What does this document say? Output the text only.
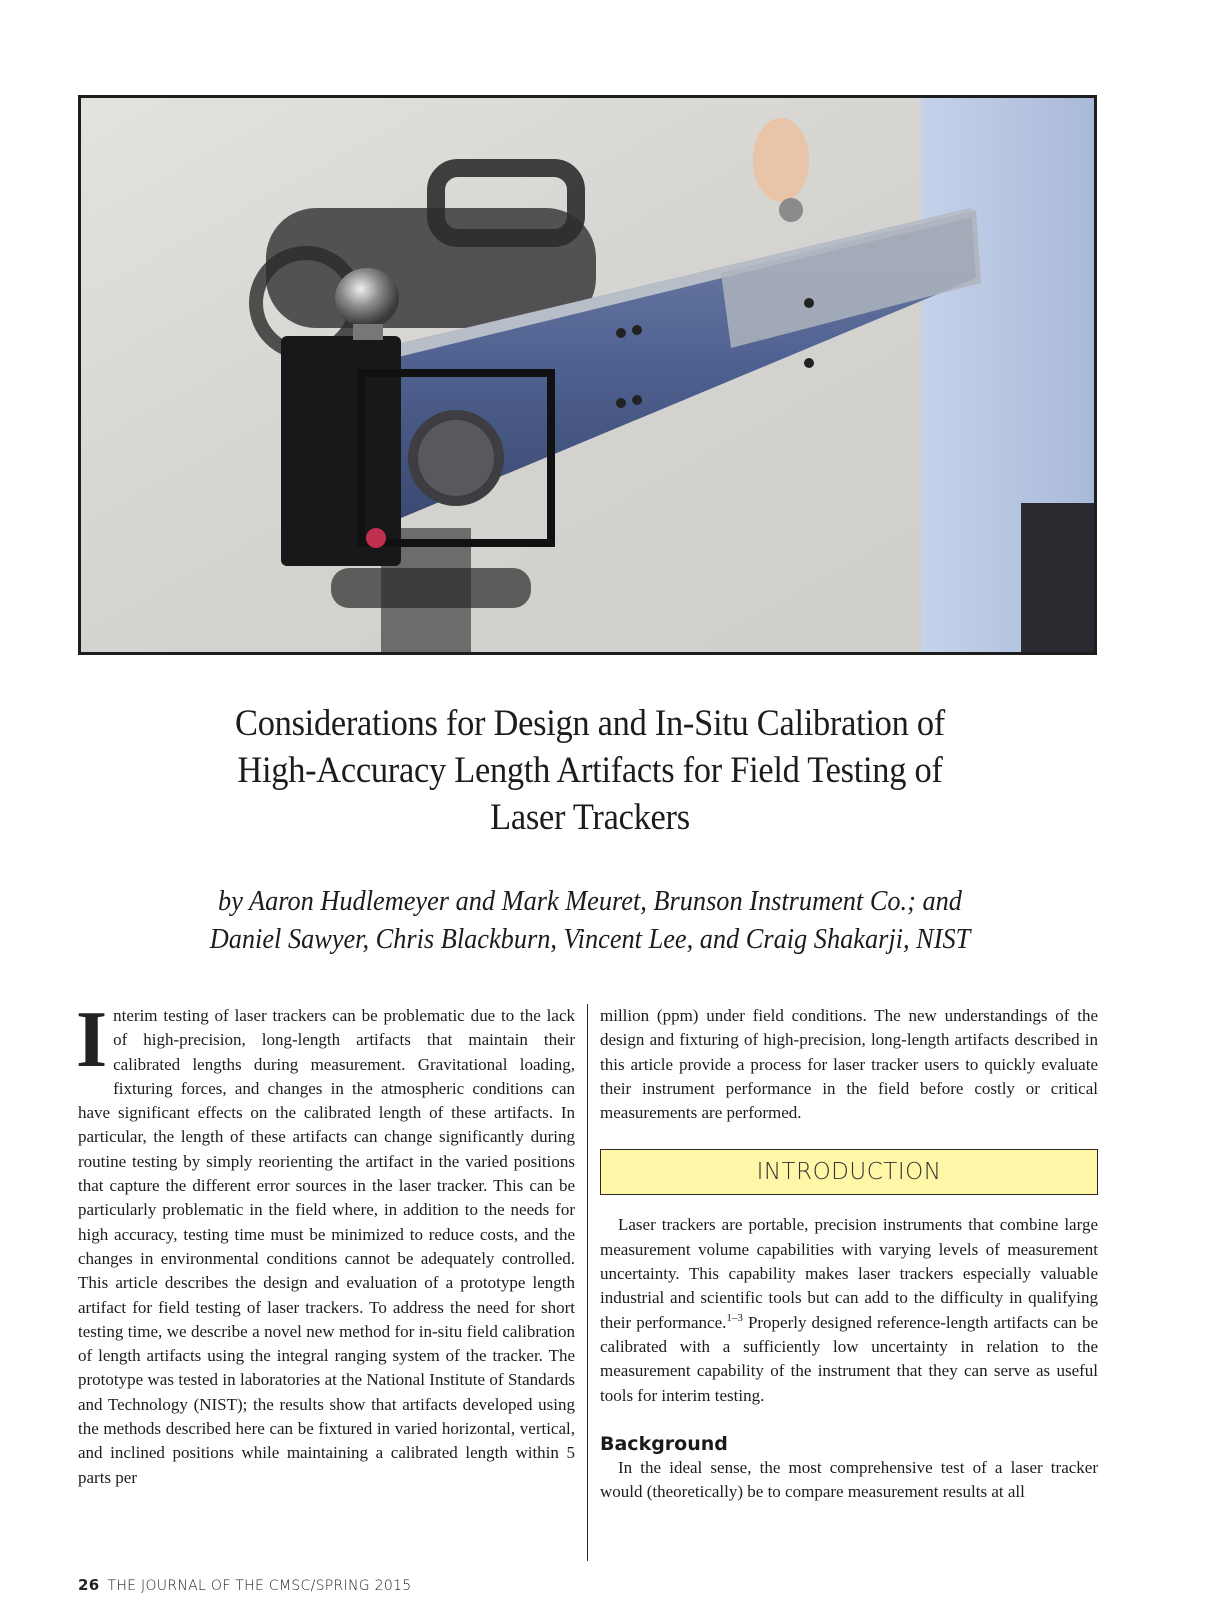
Considerations for Design and In-Situ Calibration of
High-Accuracy Length Artifacts for Field Testing of
Laser Trackers
by Aaron Hudlemeyer and Mark Meuret, Brunson Instrument Co.; and
Daniel Sawyer, Chris Blackburn, Vincent Lee, and Craig Shakarji, NIST

Interim testing of laser trackers can be problematic due to the lack of high-precision, long-length artifacts that maintain their calibrated lengths during measurement. Gravitational loading, fixturing forces, and changes in the atmospheric conditions can have significant effects on the calibrated length of these artifacts. In particular, the length of these artifacts can change significantly during routine testing by simply reorienting the artifact in the varied positions that capture the different error sources in the laser tracker. This can be particularly problematic in the field where, in addition to the needs for high accuracy, testing time must be minimized to reduce costs, and the changes in environmental conditions cannot be adequately controlled. This article describes the design and evaluation of a prototype length artifact for field testing of laser trackers. To address the need for short testing time, we describe a novel new method for in-situ field calibration of length artifacts using the integral ranging system of the tracker. The prototype was tested in laboratories at the National Institute of Standards and Technology (NIST); the results show that artifacts developed using the methods described here can be fixtured in varied horizontal, vertical, and inclined positions while maintaining a calibrated length within 5 parts per

million (ppm) under field conditions. The new understandings of the design and fixturing of high-precision, long-length artifacts described in this article provide a process for laser tracker users to quickly evaluate their instrument performance in the field before costly or critical measurements are performed.

INTRODUCTION

Laser trackers are portable, precision instruments that combine large measurement volume capabilities with varying levels of measurement uncertainty. This capability makes laser trackers especially valuable industrial and scientific tools but can add to the difficulty in qualifying their performance.$^{1-3}$ Properly designed reference-length artifacts can be calibrated with a sufficiently low uncertainty in relation to the measurement capability of the instrument that they can serve as useful tools for interim testing.

Background

In the ideal sense, the most comprehensive test of a laser tracker would (theoretically) be to compare measurement results at all

26 THE JOURNAL OF THE CMSC/SPRING 2015
